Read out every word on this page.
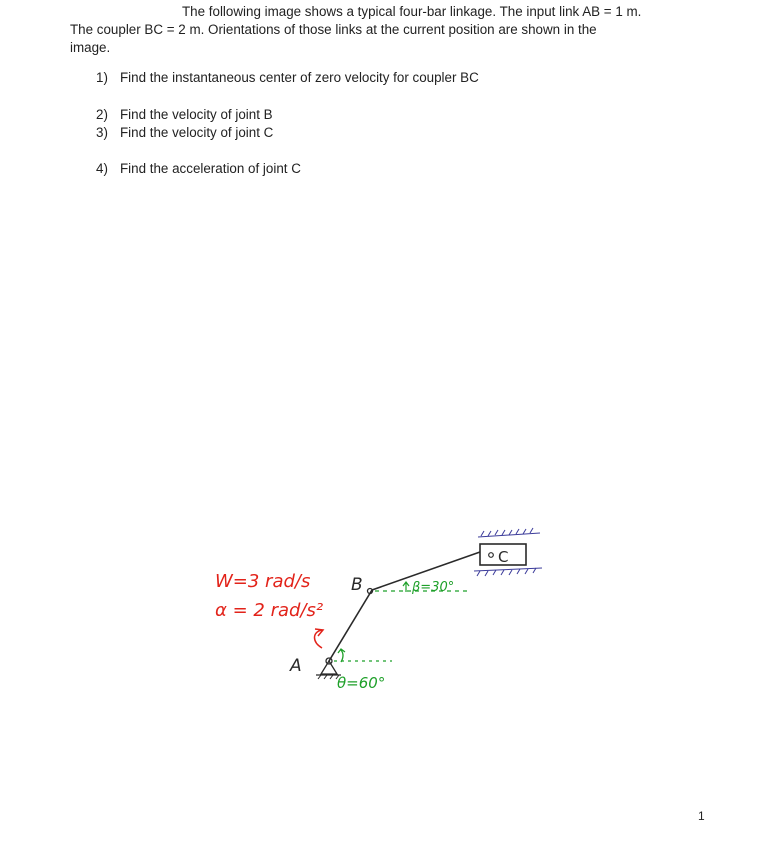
The following image shows a typical four-bar linkage. The input link AB = 1 m.

The coupler BC = 2 m. Orientations of those links at the current position are shown in the

image.

1) Find the instantaneous center of zero velocity for coupler BC
2) Find the velocity of joint B
3) Find the velocity of joint C
4) Find the acceleration of joint C
C
B	β=30°
A
θ=60°
W=3 rad/s
α = 2 rad/s²
1
